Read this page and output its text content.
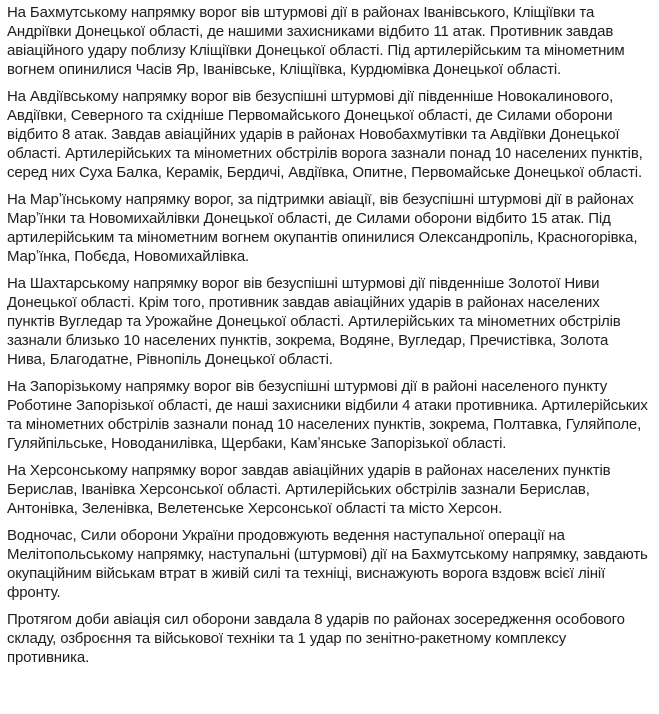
На Бахмутському напрямку ворог вів штурмові дії в районах Іванівського, Кліщіївки та Андріївки Донецької області, де нашими захисниками відбито 11 атак. Противник завдав авіаційного удару поблизу Кліщіївки Донецької області. Під артилерійським та мінометним вогнем опинилися Часів Яр, Іванівське, Кліщіївка, Курдюмівка Донецької області.

На Авдіївському напрямку ворог вів безуспішні штурмові дії південніше Новокалинового, Авдіївки, Северного та східніше Первомайського Донецької області, де Силами оборони відбито 8 атак. Завдав авіаційних ударів в районах Новобахмутівки та Авдіївки Донецької області. Артилерійських та мінометних обстрілів ворога зазнали понад 10 населених пунктів, серед них Суха Балка, Керамік, Бердичі, Авдіївка, Опитне, Первомайське Донецької області.

На Марʼїнському напрямку ворог, за підтримки авіації, вів безуспішні штурмові дії в районах Марʼїнки та Новомихайлівки Донецької області, де Силами оборони відбито 15 атак. Під артилерійським та мінометним вогнем окупантів опинилися Олександропіль, Красногорівка, Марʼїнка, Побєда, Новомихайлівка.

На Шахтарському напрямку ворог вів безуспішні штурмові дії південніше Золотої Ниви Донецької області. Крім того, противник завдав авіаційних ударів в районах населених пунктів Вугледар та Урожайне Донецької області. Артилерійських та мінометних обстрілів зазнали близько 10 населених пунктів, зокрема, Водяне, Вугледар, Пречистівка, Золота Нива, Благодатне, Рівнопіль Донецької області.

На Запорізькому напрямку ворог вів безуспішні штурмові дії в районі населеного пункту Роботине Запорізької області, де наші захисники відбили 4 атаки противника. Артилерійських та мінометних обстрілів зазнали понад 10 населених пунктів, зокрема, Полтавка, Гуляйполе, Гуляйпільське, Новоданилівка, Щербаки, Камʼянське Запорізької області.

На Херсонському напрямку ворог завдав авіаційних ударів в районах населених пунктів Берислав, Іванівка Херсонської області. Артилерійських обстрілів зазнали Берислав, Антонівка, Зеленівка, Велетенське Херсонської області та місто Херсон.

Водночас, Сили оборони України продовжують ведення наступальної операції на Мелітопольському напрямку, наступальні (штурмові) дії на Бахмутському напрямку, завдають окупаційним військам втрат в живій силі та техніці, виснажують ворога вздовж всієї лінії фронту.

Протягом доби авіація сил оборони завдала 8 ударів по районах зосередження особового складу, озброєння та військової техніки та 1 удар по зенітно-ракетному комплексу противника.
